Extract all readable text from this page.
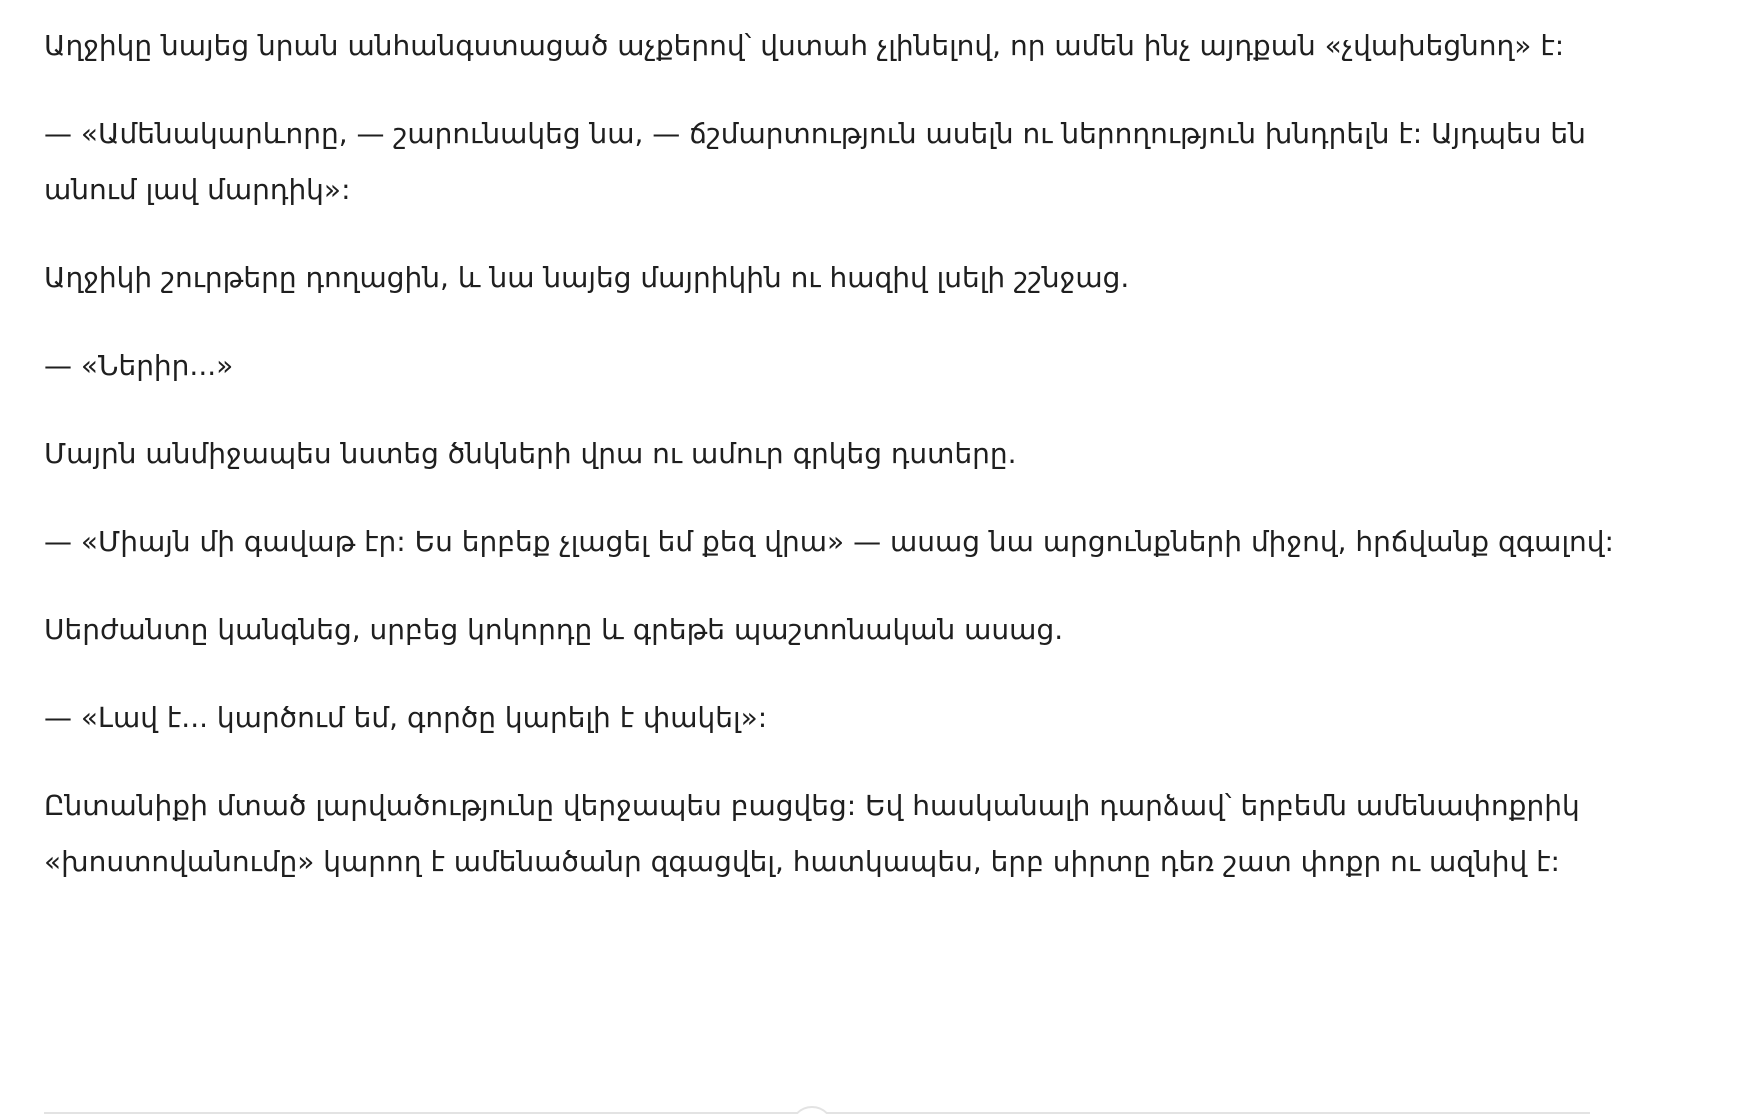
Աղջիկը նայեց նրան անհանգստացած աչքերով՝ վստահ չլինելով, որ ամեն ինչ այդքան «չվախեցնող» է:

— «Ամենակարևորը, — շարունակեց նա, — ճշմարտություն ասելն ու ներողություն խնդրելն է: Այդպես են անում լավ մարդիկ»:

Աղջիկի շուրթերը դողացին, և նա նայեց մայրիկին ու հազիվ լսելի շշնջաց.

— «Ներիր...»

Մայրն անմիջապես նստեց ծնկների վրա ու ամուր գրկեց դստերը.

— «Միայն մի գավաթ էր: Ես երբեք չլացել եմ քեզ վրա» — ասաց նա արցունքների միջով, հրճվանք զգալով:

Սերժանտը կանգնեց, սրբեց կոկորդը և գրեթե պաշտոնական ասաց.

— «Լավ է... կարծում եմ, գործը կարելի է փակել»:

Ընտանիքի մտած լարվածությունը վերջապես բացվեց: Եվ հասկանալի դարձավ՝ երբեմն ամենափոքրիկ «խոստովանումը» կարող է ամենածանր զգացվել, հատկապես, երբ սիրտը դեռ շատ փոքր ու ազնիվ է:
